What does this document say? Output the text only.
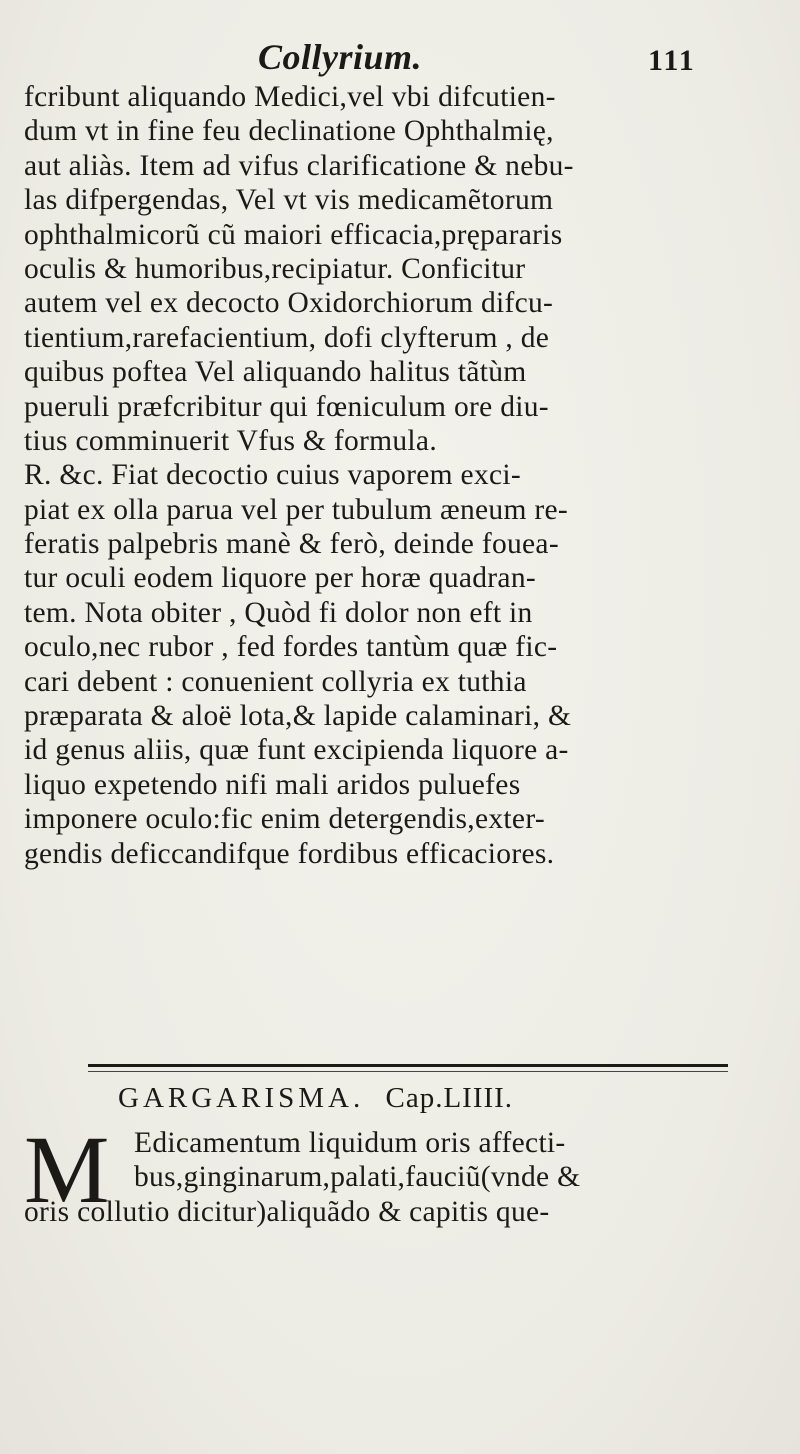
Collyrium.	111
fcribunt aliquando Medici,vel vbi difcutien-
dum vt in fine feu declinatione Ophthalmię,
aut aliàs. Item ad vifus clarificatione & nebu-
las difpergendas, Vel vt vis medicamẽtorum
ophthalmicorũ cũ maiori efficacia,prępararis
oculis & humoribus,recipiatur. Conficitur
autem vel ex decocto Oxidorchiorum difcu-
tientium,rarefacientium, dofi clyfterum , de
quibus poftea Vel aliquando halitus tãtùm
pueruli præfcribitur qui fœniculum ore diu-
tius comminuerit Vfus & formula.
R. &c. Fiat decoctio cuius vaporem exci-
piat ex olla parua vel per tubulum æneum re-
feratis palpebris manè & ferò, deinde fouea-
tur oculi eodem liquore per horæ quadran-
tem. Nota obiter , Quòd fi dolor non eft in
oculo,nec rubor , fed fordes tantùm quæ fic-
cari debent : conuenient collyria ex tuthia
præparata & aloë lota,& lapide calaminari, &
id genus aliis, quæ funt excipienda liquore a-
liquo expetendo nifi mali aridos puluefes
imponere oculo:fic enim detergendis,exter-
gendis deficcandifque fordibus efficaciores.
GARGARISMA. Cap.LIIII.
M Edicamentum liquidum oris affecti-
bus,ginginarum,palati,fauciũ(vnde &
oris collutio dicitur)aliquãdo & capitis que-
